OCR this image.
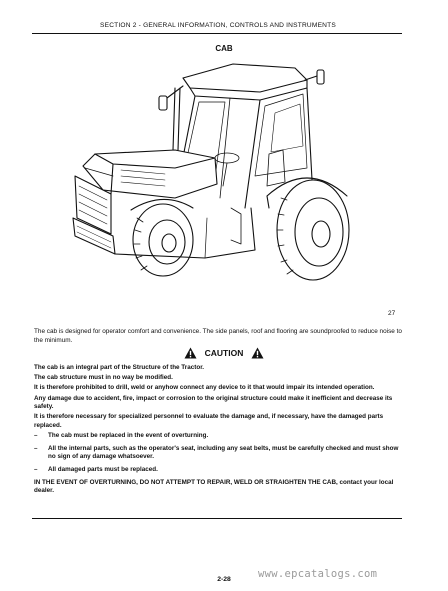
SECTION 2 - GENERAL INFORMATION, CONTROLS AND INSTRUMENTS
CAB
27
The cab is designed for operator comfort and convenience. The side panels, roof and flooring are soundproofed to reduce noise to the minimum.
CAUTION

The cab is an integral part of the Structure of the Tractor.

The cab structure must in no way be modified.

It is therefore prohibited to drill, weld or anyhow connect any device to it that would impair its intended operation.

Any damage due to accident, fire, impact or corrosion to the original structure could make it inefficient and decrease its safety.

It is therefore necessary for specialized personnel to evaluate the damage and, if necessary, have the damaged parts replaced.

–	The cab must be replaced in the event of overturning.
–	All the internal parts, such as the operator's seat, including any seat belts, must be carefully checked and must show no sign of any damage whatsoever.
–	All damaged parts must be replaced.

IN THE EVENT OF OVERTURNING, DO NOT ATTEMPT TO REPAIR, WELD OR STRAIGHTEN THE CAB, contact your local dealer.

www.epcatalogs.com
2-28
